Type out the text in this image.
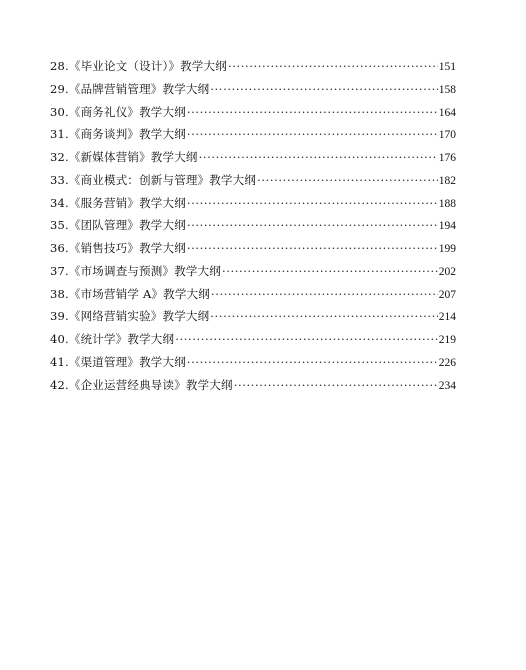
28.《毕业论文（设计）》教学大纲 ·····	151
29.《品牌营销管理》教学大纲 ·····	158
30.《商务礼仪》教学大纲 ·····	164
31.《商务谈判》教学大纲 ·····	170
32.《新媒体营销》教学大纲 ·····	176
33.《商业模式：创新与管理》教学大纲 ·····	182
34.《服务营销》教学大纲 ·····	188
35.《团队管理》教学大纲 ·····	194
36.《销售技巧》教学大纲 ·····	199
37.《市场调查与预测》教学大纲 ·····	202
38.《市场营销学 A》教学大纲 ·····	207
39.《网络营销实验》教学大纲 ·····	214
40.《统计学》教学大纲 ·····	219
41.《渠道管理》教学大纲 ·····	226
42.《企业运营经典导读》教学大纲 ·····	234
